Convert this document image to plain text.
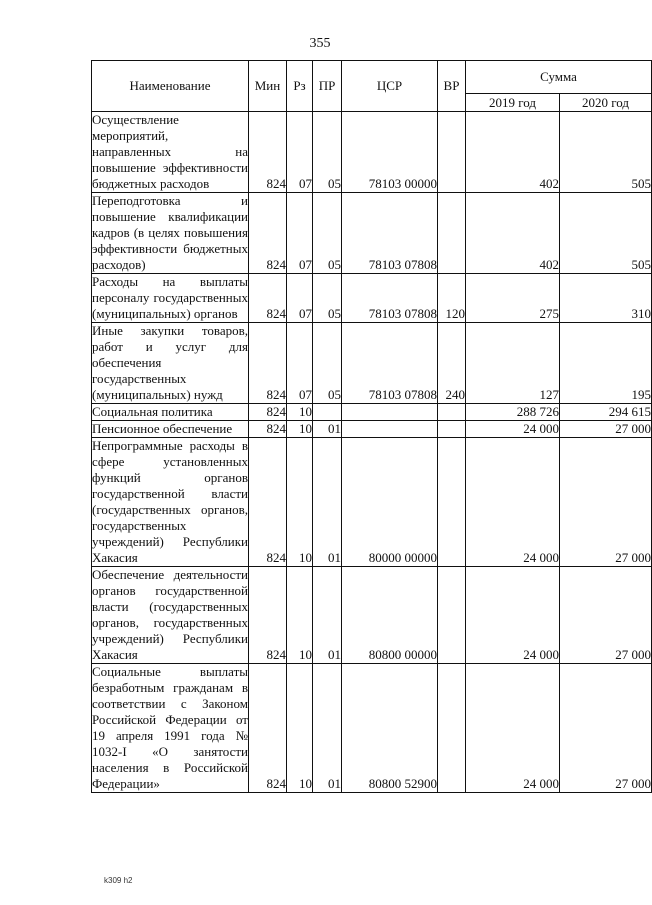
355
Наименование	Мин	Рз	ПР	ЦСР	ВР	Сумма	
						2019 год	2020 год
Осуществление мероприятий, направленных на повышение эффективности бюджетных расходов	824	07	05	78103 00000		402	505
Переподготовка и повышение квалификации кадров (в целях повышения эффективности бюджетных расходов)	824	07	05	78103 07808		402	505
Расходы на выплаты персоналу государственных (муниципальных) органов	824	07	05	78103 07808	120	275	310
Иные закупки товаров, работ и услуг для обеспечения государственных (муниципальных) нужд	824	07	05	78103 07808	240	127	195
Социальная политика	824	10				288 726	294 615
Пенсионное обеспечение	824	10	01			24 000	27 000
Непрограммные расходы в сфере установленных функций органов государственной власти (государственных органов, государственных учреждений) Республики Хакасия	824	10	01	80000 00000		24 000	27 000
Обеспечение деятельности органов государственной власти (государственных органов, государственных учреждений) Республики Хакасия	824	10	01	80800 00000		24 000	27 000
Социальные выплаты безработным гражданам в соответствии с Законом Российской Федерации от 19 апреля 1991 года № 1032-I «О занятости населения в Российской Федерации»	824	10	01	80800 52900		24 000	27 000
k309 h2
